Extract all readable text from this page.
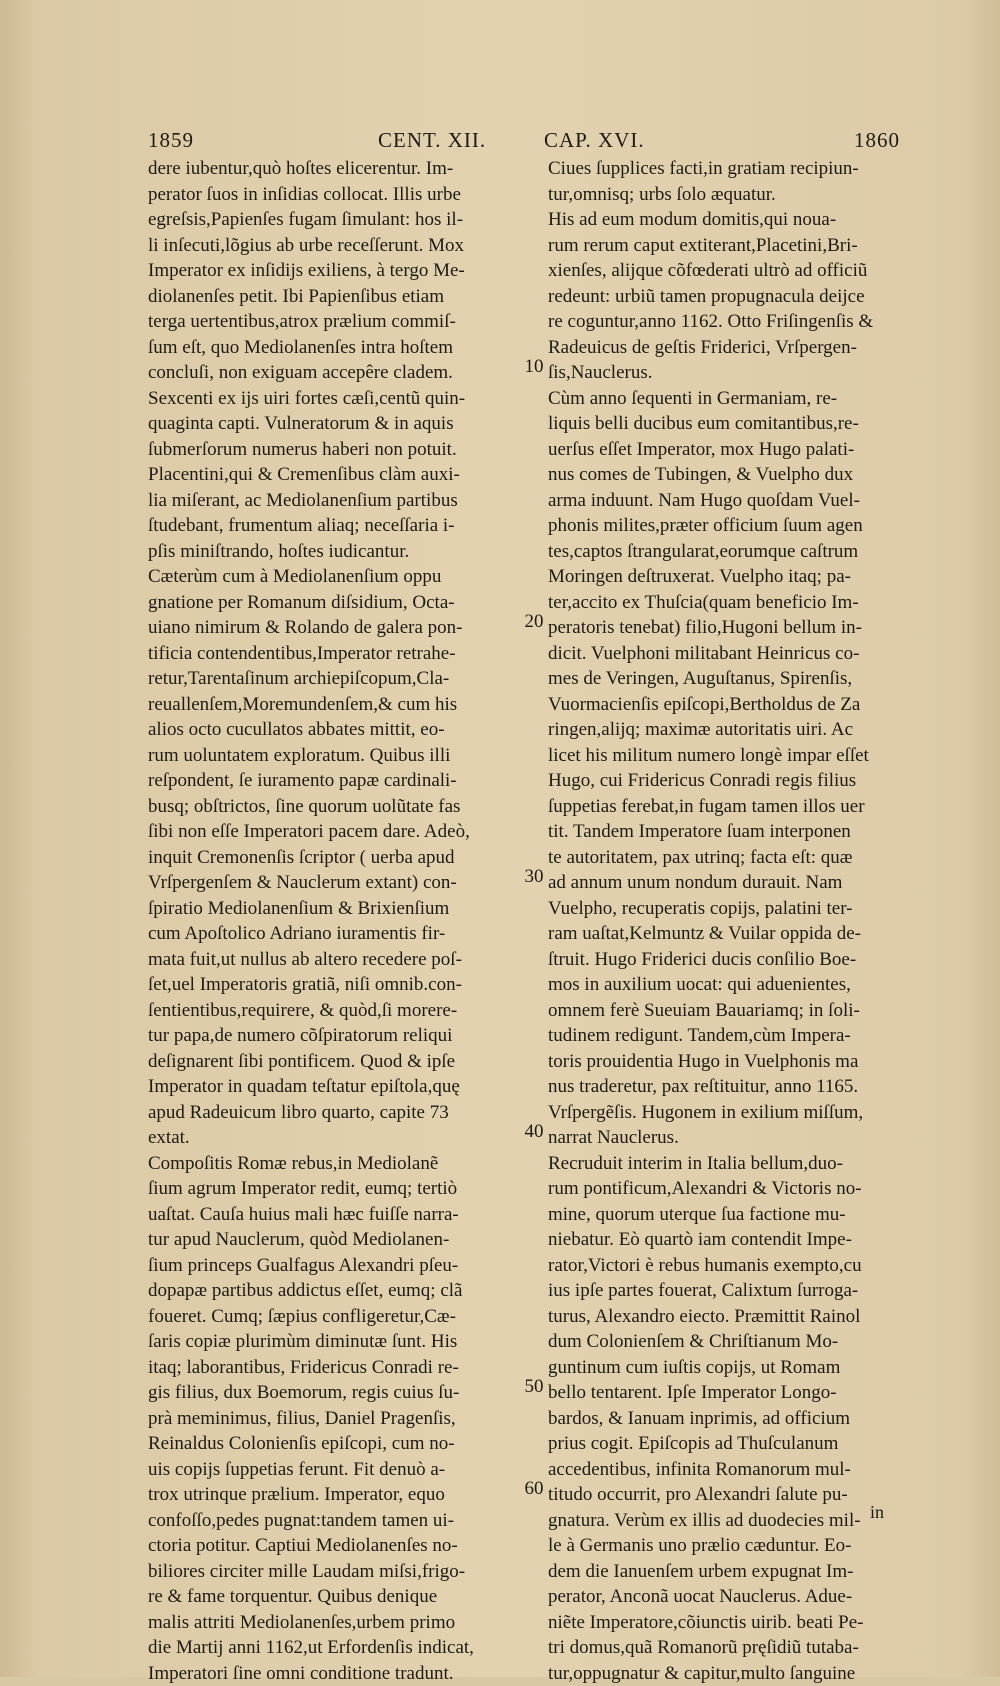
1859	CENT. XII.	CAP. XVI.	1860
dere iubentur,quò hoſtes elicerentur. Im-
perator ſuos in inſidias collocat. Illis urbe
egreſsis,Papienſes fugam ſimulant: hos il-
li inſecuti,lõgius ab urbe receſſerunt. Mox
Imperator ex inſidijs exiliens, à tergo Me-
diolanenſes petit. Ibi Papienſibus etiam
terga uertentibus,atrox prælium commiſ-
ſum eſt, quo Mediolanenſes intra hoſtem
concluſi, non exiguam accepêre cladem.
Sexcenti ex ijs uiri fortes cæſi,centũ quin-
quaginta capti. Vulneratorum & in aquis
ſubmerſorum numerus haberi non potuit.
Placentini,qui & Cremenſibus clàm auxi-
lia miſerant, ac Mediolanenſium partibus
ſtudebant, frumentum aliaq; neceſſaria i-
pſis miniſtrando, hoſtes iudicantur.
Cæterùm cum à Mediolanenſium oppu
gnatione per Romanum diſsidium, Octa-
uiano nimirum & Rolando de galera pon-
tificia contendentibus,Imperator retrahe-
retur,Tarentaſinum archiepiſcopum,Cla-
reuallenſem,Moremundenſem,& cum his
alios octo cucullatos abbates mittit, eo-
rum uoluntatem exploratum. Quibus illi
reſpondent, ſe iuramento papæ cardinali-
busq; obſtrictos, ſine quorum uolũtate fas
ſibi non eſſe Imperatori pacem dare. Adeò,
inquit Cremonenſis ſcriptor ( uerba apud
Vrſpergenſem & Nauclerum extant) con-
ſpiratio Mediolanenſium & Brixienſium
cum Apoſtolico Adriano iuramentis fir-
mata fuit,ut nullus ab altero recedere poſ-
ſet,uel Imperatoris gratiã, niſi omnib.con-
ſentientibus,requirere, & quòd,ſi morere-
tur papa,de numero cõſpiratorum reliqui
deſignarent ſibi pontificem. Quod & ipſe
Imperator in quadam teſtatur epiſtola,quę
apud Radeuicum libro quarto, capite 73
extat.
Compoſitis Romæ rebus,in Mediolanẽ
ſium agrum Imperator redit, eumq; tertiò
uaſtat. Cauſa huius mali hæc fuiſſe narra-
tur apud Nauclerum, quòd Mediolanen-
ſium princeps Gualfagus Alexandri pſeu-
dopapæ partibus addictus eſſet, eumq; clã
foueret. Cumq; ſæpius confligeretur,Cæ-
ſaris copiæ plurimùm diminutæ ſunt. His
itaq; laborantibus, Fridericus Conradi re-
gis filius, dux Boemorum, regis cuius ſu-
prà meminimus, filius, Daniel Pragenſis,
Reinaldus Colonienſis epiſcopi, cum no-
uis copijs ſuppetias ferunt. Fit denuò a-
trox utrinque prælium. Imperator, equo
confoſſo,pedes pugnat:tandem tamen ui-
ctoria potitur. Captiui Mediolanenſes no-
biliores circiter mille Laudam miſsi,frigo-
re & fame torquentur. Quibus denique
malis attriti Mediolanenſes,urbem primo
die Martij anni 1162,ut Erfordenſis indicat,
Imperatori ſine omni conditione tradunt.
Ciues ſupplices facti,in gratiam recipiun-
tur,omnisq; urbs ſolo æquatur.
His ad eum modum domitis,qui noua-
rum rerum caput extiterant,Placetini,Bri-
xienſes, alijque cõfœderati ultrò ad officiũ
redeunt: urbiũ tamen propugnacula deijce
re coguntur,anno 1162. Otto Friſingenſis &
Radeuicus de geſtis Friderici, Vrſpergen-
ſis,Nauclerus.
Cùm anno ſequenti in Germaniam, re-
liquis belli ducibus eum comitantibus,re-
uerſus eſſet Imperator, mox Hugo palati-
nus comes de Tubingen, & Vuelpho dux
arma induunt. Nam Hugo quoſdam Vuel-
phonis milites,præter officium ſuum agen
tes,captos ſtrangularat,eorumque caſtrum
Moringen deſtruxerat. Vuelpho itaq; pa-
ter,accito ex Thuſcia(quam beneficio Im-
peratoris tenebat) filio,Hugoni bellum in-
dicit. Vuelphoni militabant Heinricus co-
mes de Veringen, Auguſtanus, Spirenſis,
Vuormacienſis epiſcopi,Bertholdus de Za
ringen,alijq; maximæ autoritatis uiri. Ac
licet his militum numero longè impar eſſet
Hugo, cui Fridericus Conradi regis filius
ſuppetias ferebat,in fugam tamen illos uer
tit. Tandem Imperatore ſuam interponen
te autoritatem, pax utrinq; facta eſt: quæ
ad annum unum nondum durauit. Nam
Vuelpho, recuperatis copijs, palatini ter-
ram uaſtat,Kelmuntz & Vuilar oppida de-
ſtruit. Hugo Friderici ducis conſilio Boe-
mos in auxilium uocat: qui aduenientes,
omnem ferè Sueuiam Bauariamq; in ſoli-
tudinem redigunt. Tandem,cùm Impera-
toris prouidentia Hugo in Vuelphonis ma
nus traderetur, pax reſtituitur, anno 1165.
Vrſpergẽſis. Hugonem in exilium miſſum,
narrat Nauclerus.
Recruduit interim in Italia bellum,duo-
rum pontificum,Alexandri & Victoris no-
mine, quorum uterque ſua factione mu-
niebatur. Eò quartò iam contendit Impe-
rator,Victori è rebus humanis exempto,cu
ius ipſe partes fouerat, Calixtum ſurroga-
turus, Alexandro eiecto. Præmittit Rainol
dum Colonienſem & Chriſtianum Mo-
guntinum cum iuſtis copijs, ut Romam
bello tentarent. Ipſe Imperator Longo-
bardos, & Ianuam inprimis, ad officium
prius cogit. Epiſcopis ad Thuſculanum
accedentibus, infinita Romanorum mul-
titudo occurrit, pro Alexandri ſalute pu-
gnatura. Verùm ex illis ad duodecies mil-
le à Germanis uno prælio cæduntur. Eo-
dem die Ianuenſem urbem expugnat Im-
perator, Anconã uocat Nauclerus. Adue-
niẽte Imperatore,cõiunctis uirib. beati Pe-
tri domus,quã Romanorũ pręſidiũ tutaba-
tur,oppugnatur & capitur,multo ſanguine
10
20
30
40
50
60
in
